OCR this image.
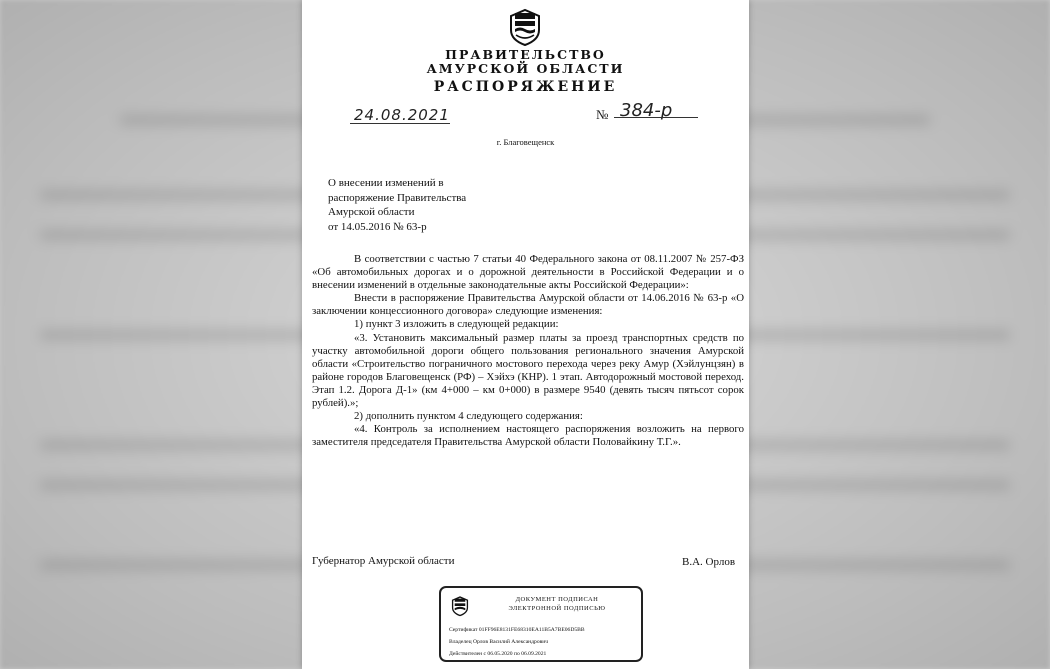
ПРАВИТЕЛЬСТВО
АМУРСКОЙ ОБЛАСТИ
РАСПОРЯЖЕНИЕ
24.08.2021	№ 384-р
г. Благовещенск
О внесении изменений в
распоряжение Правительства
Амурской области
от 14.05.2016 № 63-р

В соответствии с частью 7 статьи 40 Федерального закона от 08.11.2007 № 257-ФЗ «Об автомобильных дорогах и о дорожной деятельности в Российской Федерации и о внесении изменений в отдельные законодательные акты Российской Федерации»:

Внести в распоряжение Правительства Амурской области от 14.06.2016 № 63-р «О заключении концессионного договора» следующие изменения:

1) пункт 3 изложить в следующей редакции:

«3. Установить максимальный размер платы за проезд транспортных средств по участку автомобильной дороги общего пользования регионального значения Амурской области «Строительство пограничного мостового перехода через реку Амур (Хэйлунцзян) в районе городов Благовещенск (РФ) – Хэйхэ (КНР). 1 этап. Автодорожный мостовой переход. Этап 1.2. Дорога Д-1» (км 4+000 – км 0+000) в размере 9540 (девять тысяч пятьсот сорок рублей).»;

2) дополнить пунктом 4 следующего содержания:

«4. Контроль за исполнением настоящего распоряжения возложить на первого заместителя председателя Правительства Амурской области Половайкину Т.Г.».

Губернатор Амурской области	В.А. Орлов
ДОКУМЕНТ ПОДПИСАН
ЭЛЕКТРОННОЙ ПОДПИСЬЮ
Сертификат 01FF96E8131FE68310EA11B5A7BE06D5BB
Владелец Орлов Василий Александрович
Действителен с 06.05.2020 по 06.09.2021
